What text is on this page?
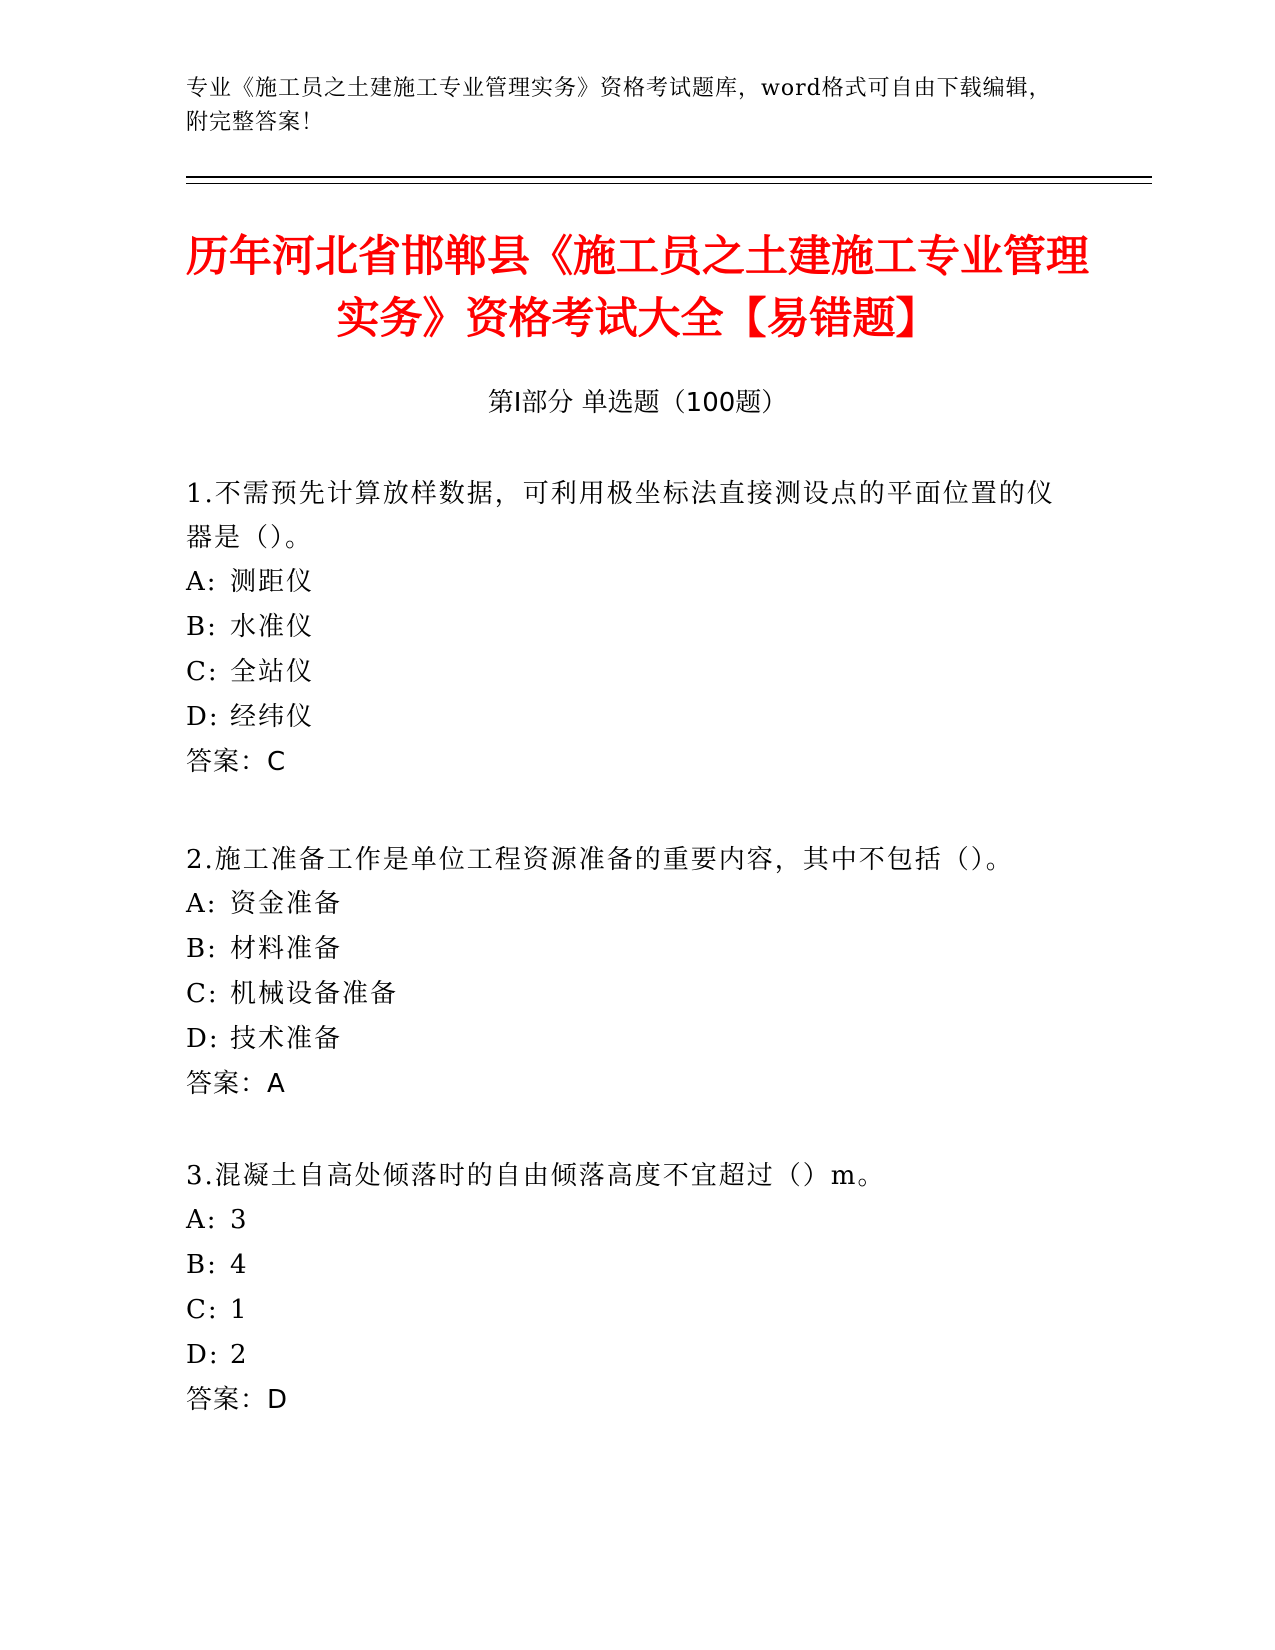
专业《施工员之土建施工专业管理实务》资格考试题库，word格式可自由下载编辑，附完整答案！
历年河北省邯郸县《施工员之土建施工专业管理实务》资格考试大全【易错题】
第I部分 单选题（100题）
1.不需预先计算放样数据，可利用极坐标法直接测设点的平面位置的仪器是（）。
A: 测距仪
B: 水准仪
C: 全站仪
D: 经纬仪
答案：C
2.施工准备工作是单位工程资源准备的重要内容，其中不包括（）。
A: 资金准备
B: 材料准备
C: 机械设备准备
D: 技术准备
答案：A
3.混凝土自高处倾落时的自由倾落高度不宜超过（）m。
A: 3
B: 4
C: 1
D: 2
答案：D
